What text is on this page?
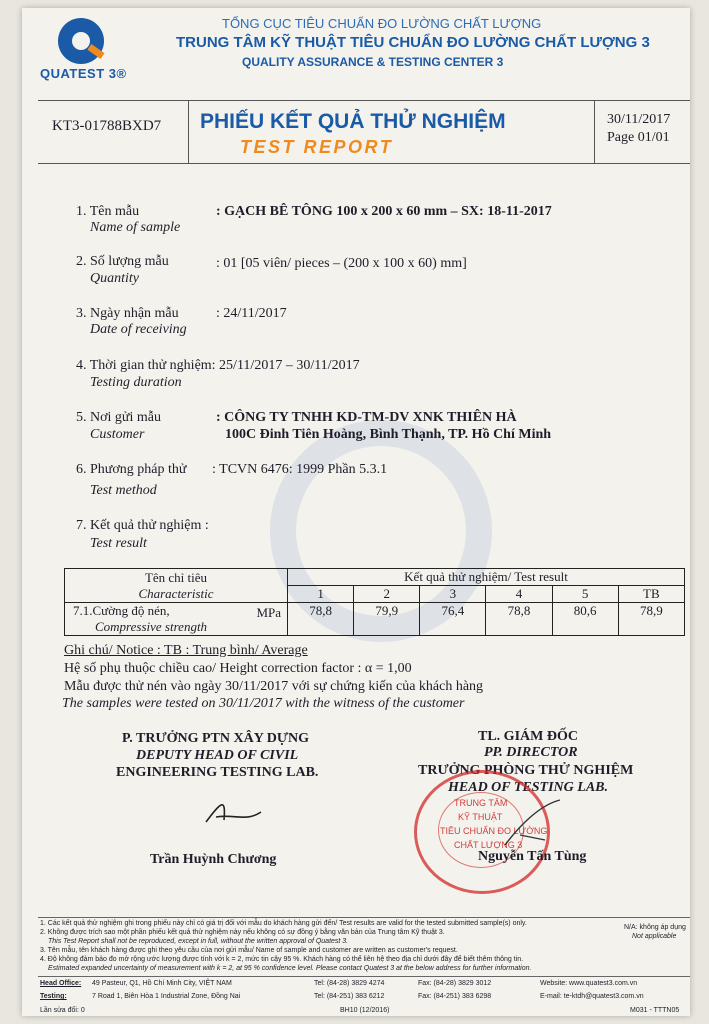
QUATEST 3®
TỔNG CỤC TIÊU CHUẨN ĐO LƯỜNG CHẤT LƯỢNG
TRUNG TÂM KỸ THUẬT TIÊU CHUẨN ĐO LƯỜNG CHẤT LƯỢNG 3
QUALITY ASSURANCE & TESTING CENTER 3
KT3-01788BXD7 PHIẾU KẾT QUẢ THỬ NGHIỆM
TEST REPORT
30/11/2017
Page 01/01
1. Tên mẫu
Name of sample
: GẠCH BÊ TÔNG 100 x 200 x 60 mm – SX: 18-11-2017
2. Số lượng mẫu
Quantity
: 01 [05 viên/ pieces – (200 x 100 x 60) mm]
3. Ngày nhận mẫu
Date of receiving
: 24/11/2017
4. Thời gian thử nghiệm: 25/11/2017 – 30/11/2017
Testing duration
5. Nơi gửi mẫu
Customer
: CÔNG TY TNHH KD-TM-DV XNK THIÊN HÀ
100C Đinh Tiên Hoàng, Bình Thạnh, TP. Hồ Chí Minh
6. Phương pháp thử
Test method
: TCVN 6476: 1999 Phần 5.3.1
7. Kết quả thử nghiệm :
Test result
Tên chỉ tiêu
Characteristic	Kết quả thử nghiệm/ Test result					
	1	2	3	4	5	TB

7.1.Cường độ nén,
Compressive strength
MPa	78,8	79,9	76,4	78,8	80,6	78,9
Ghi chú/ Notice : TB : Trung bình/ Average
Hệ số phụ thuộc chiều cao/ Height correction factor : α = 1,00
Mẫu được thử nén vào ngày 30/11/2017 với sự chứng kiến của khách hàng
The samples were tested on 30/11/2017 with the witness of the customer
P. TRƯỞNG PTN XÂY DỰNG
DEPUTY HEAD OF CIVIL
ENGINEERING TESTING LAB.
Trần Huỳnh Chương
TL. GIÁM ĐỐC
PP. DIRECTOR
TRƯỞNG PHÒNG THỬ NGHIỆM
HEAD OF TESTING LAB.
TRUNG TÂM
KỸ THUẬT
TIÊU CHUẨN ĐO LƯỜNG
CHẤT LƯỢNG 3
Nguyễn Tấn Tùng
1. Các kết quả thử nghiệm ghi trong phiếu này chỉ có giá trị đối với mẫu do khách hàng gửi đến/ Test results are valid for the tested submitted sample(s) only.
2. Không được trích sao một phần phiếu kết quả thử nghiệm này nếu không có sự đồng ý bằng văn bản của Trung tâm Kỹ thuật 3.
This Test Report shall not be reproduced, except in full, without the written approval of Quatest 3.
3. Tên mẫu, tên khách hàng được ghi theo yêu cầu của nơi gửi mẫu/ Name of sample and customer are written as customer's request.
4. Độ không đảm bảo đo mở rộng ước lượng được tính với k = 2, mức tin cậy 95 %. Khách hàng có thể liên hệ theo địa chỉ dưới đây để biết thêm thông tin.
Estimated expanded uncertainty of measurement with k = 2, at 95 % confidence level. Please contact Quatest 3 at the below address for further information.
N/A: không áp dụng
Not applicable
Head Office: 49 Pasteur, Q1, Hồ Chí Minh City, VIỆT NAM	Tel: (84-28) 3829 4274	Fax: (84-28) 3829 3012	Website: www.quatest3.com.vn
Testing:	7 Road 1, Biên Hòa 1 Industrial Zone, Đồng Nai	Tel: (84-251) 383 6212	Fax: (84-251) 383 6298	E-mail: te-ktdh@quatest3.com.vn
Lần sửa đổi: 0	BH10 (12/2016)	M031 - TTTN05
